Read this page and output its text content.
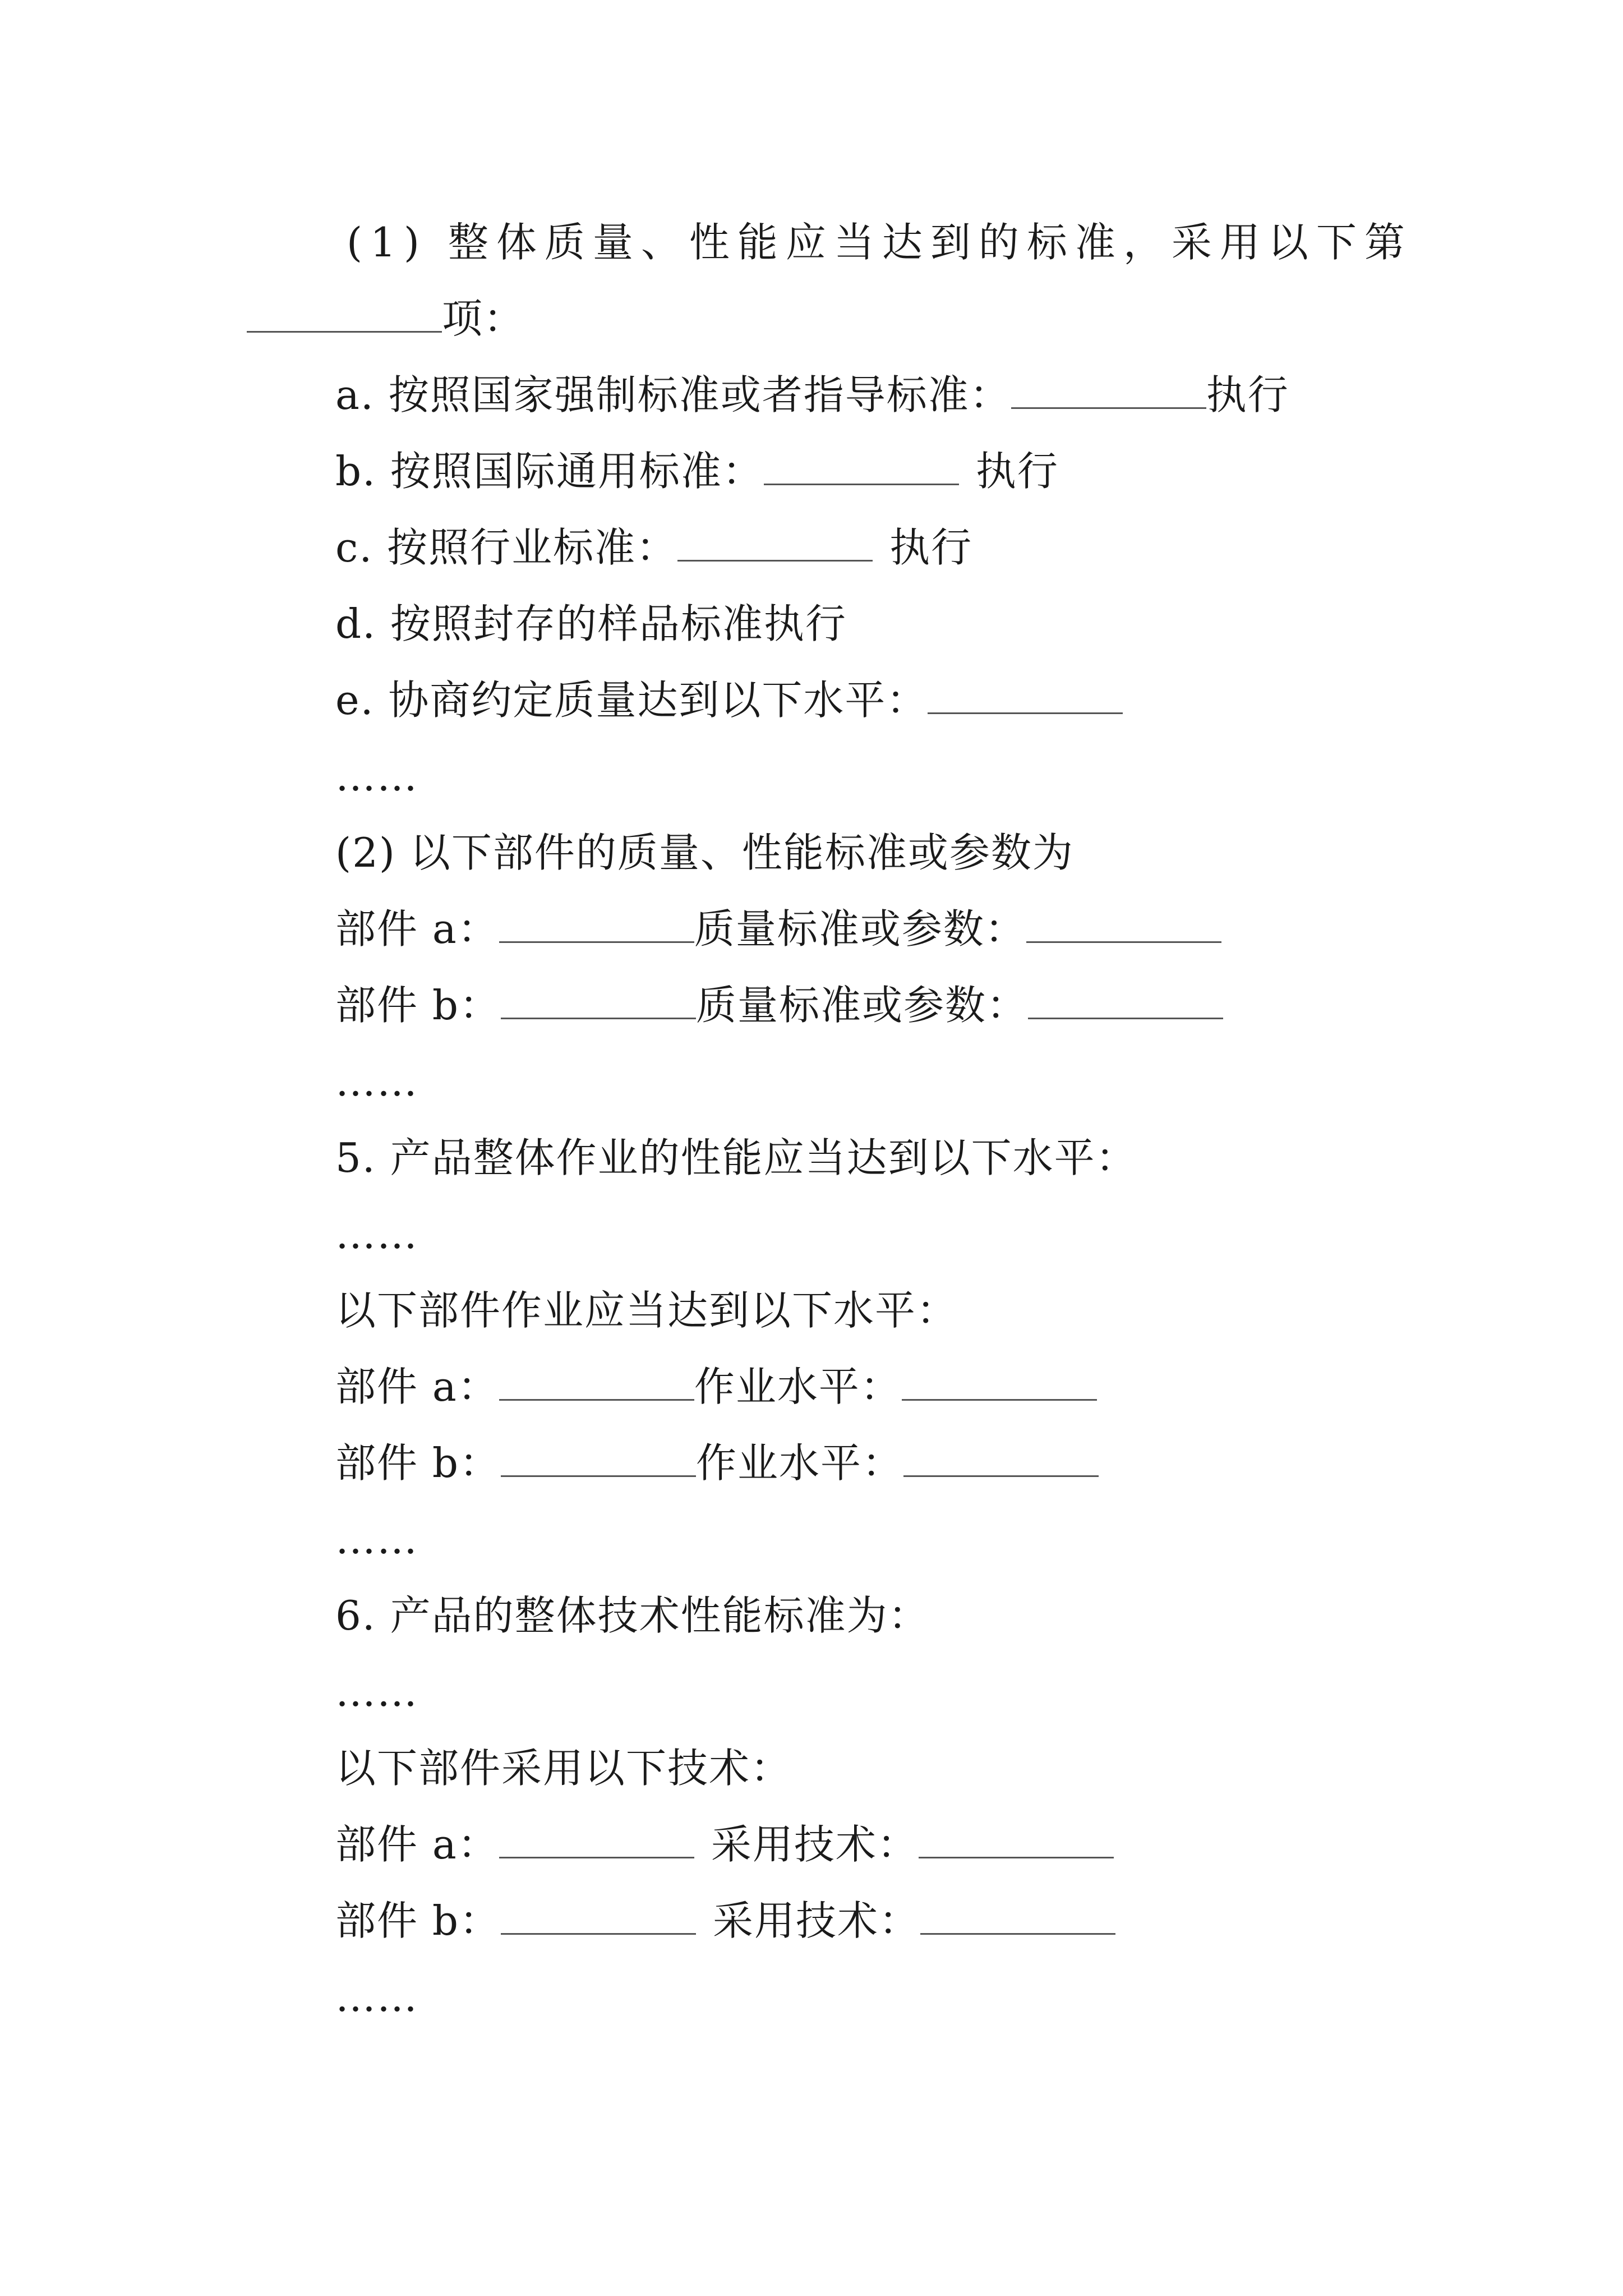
(1) 整体质量、性能应当达到的标准，采用以下第
项：
a. 按照国家强制标准或者指导标准：	执行
b. 按照国际通用标准：	执行
c. 按照行业标准：	执行
d. 按照封存的样品标准执行
e. 协商约定质量达到以下水平：
……
(2) 以下部件的质量、性能标准或参数为
部件 a：	质量标准或参数：
部件 b：	质量标准或参数：
……
5. 产品整体作业的性能应当达到以下水平：
……
以下部件作业应当达到以下水平：
部件 a：	作业水平：
部件 b：	作业水平：
……
6. 产品的整体技术性能标准为：
……
以下部件采用以下技术：
部件 a：	采用技术：
部件 b：	采用技术：
……
